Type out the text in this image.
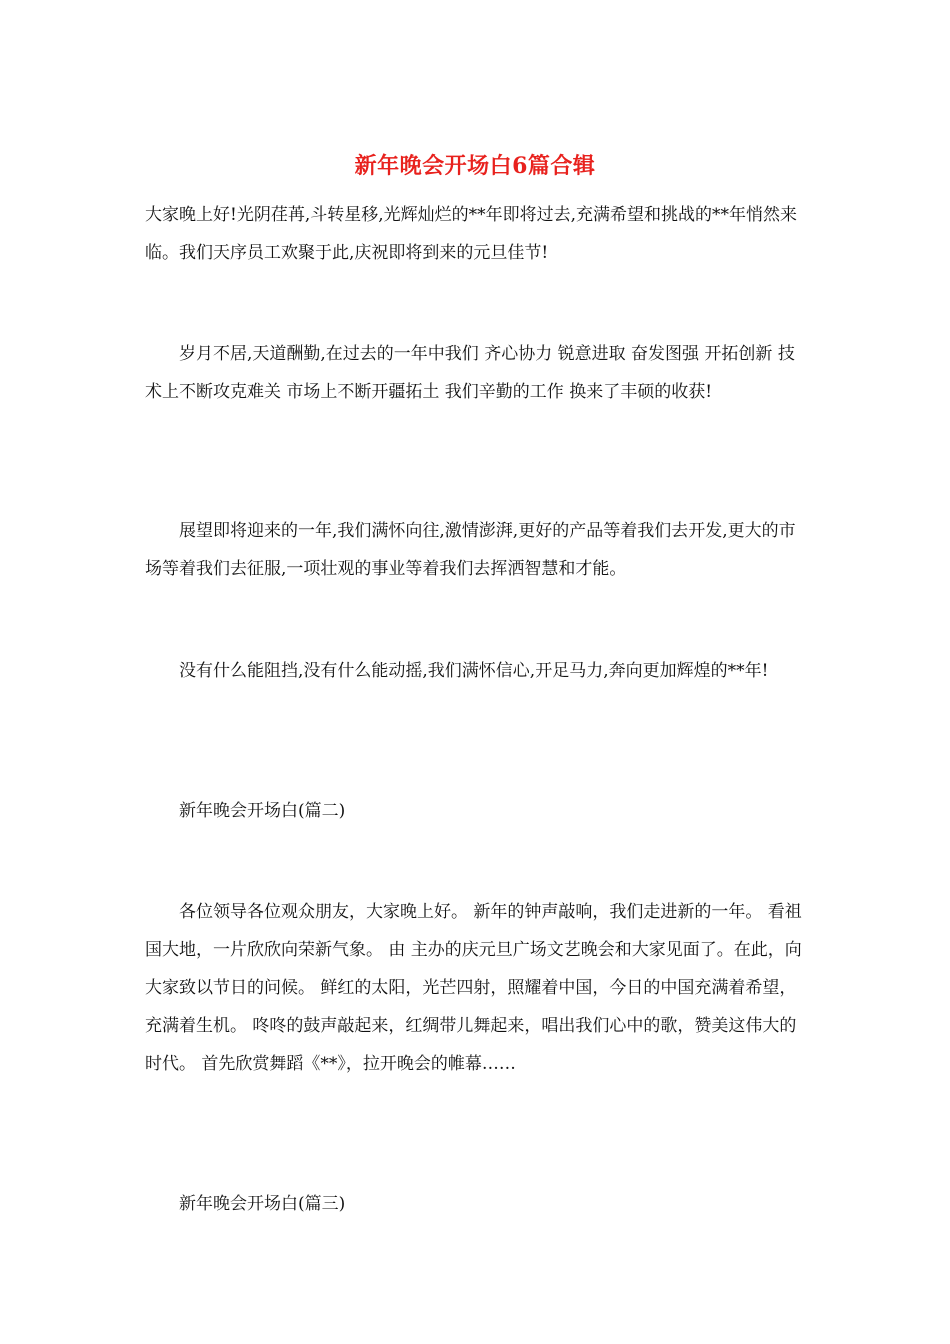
新年晚会开场白6篇合辑

大家晚上好!光阴荏苒,斗转星移,光辉灿烂的**年即将过去,充满希望和挑战的**年悄然来临。我们天序员工欢聚于此,庆祝即将到来的元旦佳节!

岁月不居,天道酬勤,在过去的一年中我们 齐心协力 锐意进取 奋发图强 开拓创新 技术上不断攻克难关 市场上不断开疆拓土 我们辛勤的工作 换来了丰硕的收获!

展望即将迎来的一年,我们满怀向往,激情澎湃,更好的产品等着我们去开发,更大的市场等着我们去征服,一项壮观的事业等着我们去挥洒智慧和才能。

没有什么能阻挡,没有什么能动摇,我们满怀信心,开足马力,奔向更加辉煌的**年!

新年晚会开场白(篇二)

各位领导各位观众朋友，大家晚上好。 新年的钟声敲响，我们走进新的一年。 看祖国大地，一片欣欣向荣新气象。 由 主办的庆元旦广场文艺晚会和大家见面了。在此，向大家致以节日的问候。 鲜红的太阳，光芒四射，照耀着中国，今日的中国充满着希望，充满着生机。 咚咚的鼓声敲起来，红绸带儿舞起来，唱出我们心中的歌，赞美这伟大的时代。 首先欣赏舞蹈《**》，拉开晚会的帷幕……

新年晚会开场白(篇三)
